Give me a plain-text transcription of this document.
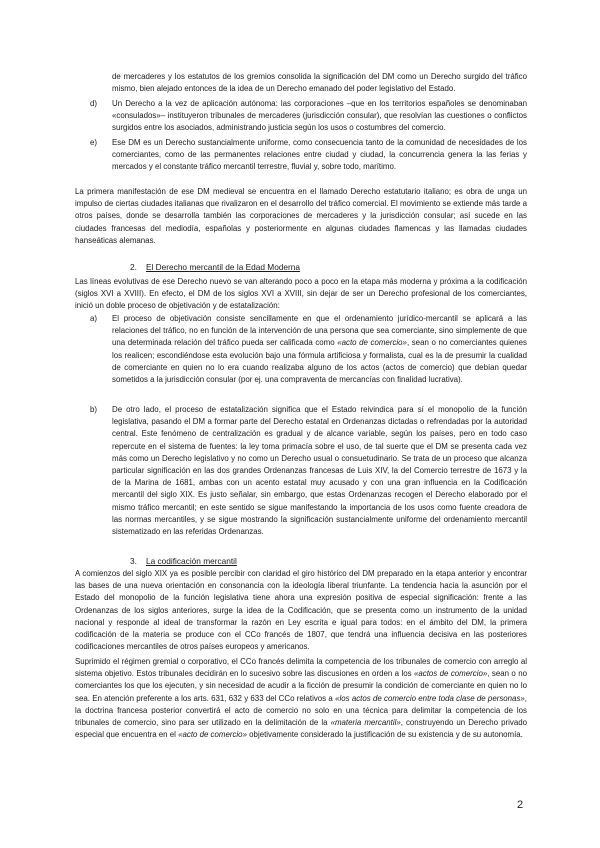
de mercaderes y los estatutos de los gremios consolida la significación del DM como un Derecho surgido del tráfico mismo, bien alejado entonces de la idea de un Derecho emanado del poder legislativo del Estado.
d) Un Derecho a la vez de aplicación autónoma: las corporaciones –que en los territorios españoles se denominaban «consulados»– instituyeron tribunales de mercaderes (jurisdicción consular), que resolvían las cuestiones o conflictos surgidos entre los asociados, administrando justicia según los usos o costumbres del comercio.
e) Ese DM es un Derecho sustancialmente uniforme, como consecuencia tanto de la comunidad de necesidades de los comerciantes, como de las permanentes relaciones entre ciudad y ciudad, la concurrencia genera la las ferias y mercados y el constante tráfico mercantil terrestre, fluvial y, sobre todo, marítimo.

La primera manifestación de ese DM medieval se encuentra en el llamado Derecho estatutario italiano; es obra de unga un impulso de ciertas ciudades italianas que rivalizaron en el desarrollo del tráfico comercial. El movimiento se extiende más tarde a otros países, donde se desarrolla también las corporaciones de mercaderes y la jurisdicción consular; así sucede en las ciudades francesas del mediodía, españolas y posteriormente en algunas ciudades flamencas y las llamadas ciudades hanseáticas alemanas.

2. El Derecho mercantil de la Edad Moderna

Las líneas evolutivas de ese Derecho nuevo se van alterando poco a poco en la etapa más moderna y próxima a la codificación (siglos XVI a XVIII). En efecto, el DM de los siglos XVI a XVIII, sin dejar de ser un Derecho profesional de los comerciantes, inició un doble proceso de objetivación y de estatalización:

a) El proceso de objetivación consiste sencillamente en que el ordenamiento jurídico-mercantil se aplicará a las relaciones del tráfico, no en función de la intervención de una persona que sea comerciante, sino simplemente de que una determinada relación del tráfico pueda ser calificada como «acto de comercio», sean o no comerciantes quienes los realicen; escondiéndose esta evolución bajo una fórmula artificiosa y formalista, cual es la de presumir la cualidad de comerciante en quien no lo era cuando realizaba alguno de los actos (actos de comercio) que debían quedar sometidos a la jurisdicción consular (por ej. una compraventa de mercancías con finalidad lucrativa).
b) De otro lado, el proceso de estatalización significa que el Estado reivindica para sí el monopolio de la función legislativa, pasando el DM a formar parte del Derecho estatal en Ordenanzas dictadas o refrendadas por la autoridad central. Este fenómeno de centralización es gradual y de alcance variable, según los países, pero en todo caso repercute en el sistema de fuentes: la ley toma primacía sobre el uso, de tal suerte que el DM se presenta cada vez más como un Derecho legislativo y no como un Derecho usual o consuetudinario. Se trata de un proceso que alcanza particular significación en las dos grandes Ordenanzas francesas de Luis XIV, la del Comercio terrestre de 1673 y la de la Marina de 1681, ambas con un acento estatal muy acusado y con una gran influencia en la Codificación mercantil del siglo XIX. Es justo señalar, sin embargo, que estas Ordenanzas recogen el Derecho elaborado por el mismo tráfico mercantil; en este sentido se sigue manifestando la importancia de los usos como fuente creadora de las normas mercantiles, y se sigue mostrando la significación sustancialmente uniforme del ordenamiento mercantil sistematizado en las referidas Ordenanzas.
3. La codificación mercantil

A comienzos del siglo XIX ya es posible percibir con claridad el giro histórico del DM preparado en la etapa anterior y encontrar las bases de una nueva orientación en consonancia con la ideología liberal triunfante. La tendencia hacia la asunción por el Estado del monopolio de la función legislativa tiene ahora una expresión positiva de especial significación: frente a las Ordenanzas de los siglos anteriores, surge la idea de la Codificación, que se presenta como un instrumento de la unidad nacional y responde al ideal de transformar la razón en Ley escrita e igual para todos: en el ámbito del DM, la primera codificación de la materia se produce con el CCo francés de 1807, que tendrá una influencia decisiva en las posteriores codificaciones mercantiles de otros países europeos y americanos.

Suprimido el régimen gremial o corporativo, el CCo francés delimita la competencia de los tribunales de comercio con arreglo al sistema objetivo. Estos tribunales decidirán en lo sucesivo sobre las discusiones en orden a los «actos de comercio», sean o no comerciantes los que los ejecuten, y sin necesidad de acudir a la ficción de presumir la condición de comerciante en quien no lo sea. En atención preferente a los arts. 631, 632 y 633 del CCo relativos a «los actos de comercio entre toda clase de personas», la doctrina francesa posterior convertirá el acto de comercio no solo en una técnica para delimitar la competencia de los tribunales de comercio, sino para ser utilizado en la delimitación de la «materia mercantil», construyendo un Derecho privado especial que encuentra en el «acto de comercio» objetivamente considerado la justificación de su existencia y de su autonomía.

2
